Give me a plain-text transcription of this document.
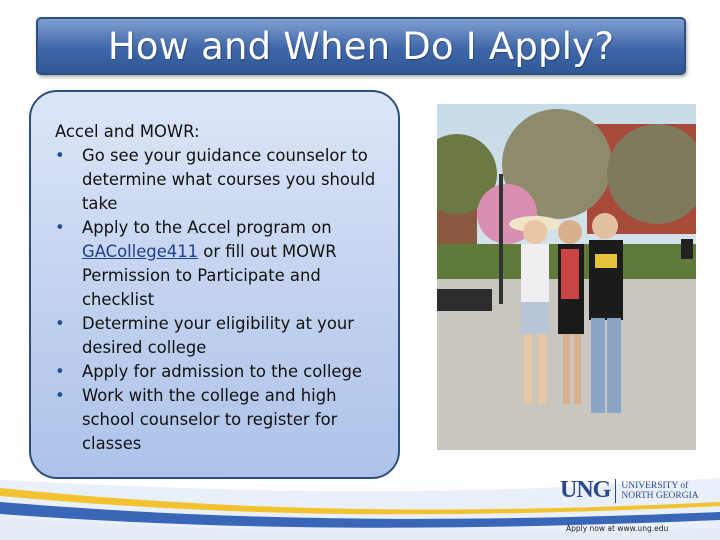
How and When Do I Apply?

Accel and MOWR:

• Go see your guidance counselor to determine what courses you should take
• Apply to the Accel program on GACollege411 or fill out MOWR Permission to Participate and checklist
• Determine your eligibility at your desired college
• Apply for admission to the college
• Work with the college and high school counselor to register for classes
UNG UNIVERSITY of
NORTH GEORGIA
Apply now at www.ung.edu
